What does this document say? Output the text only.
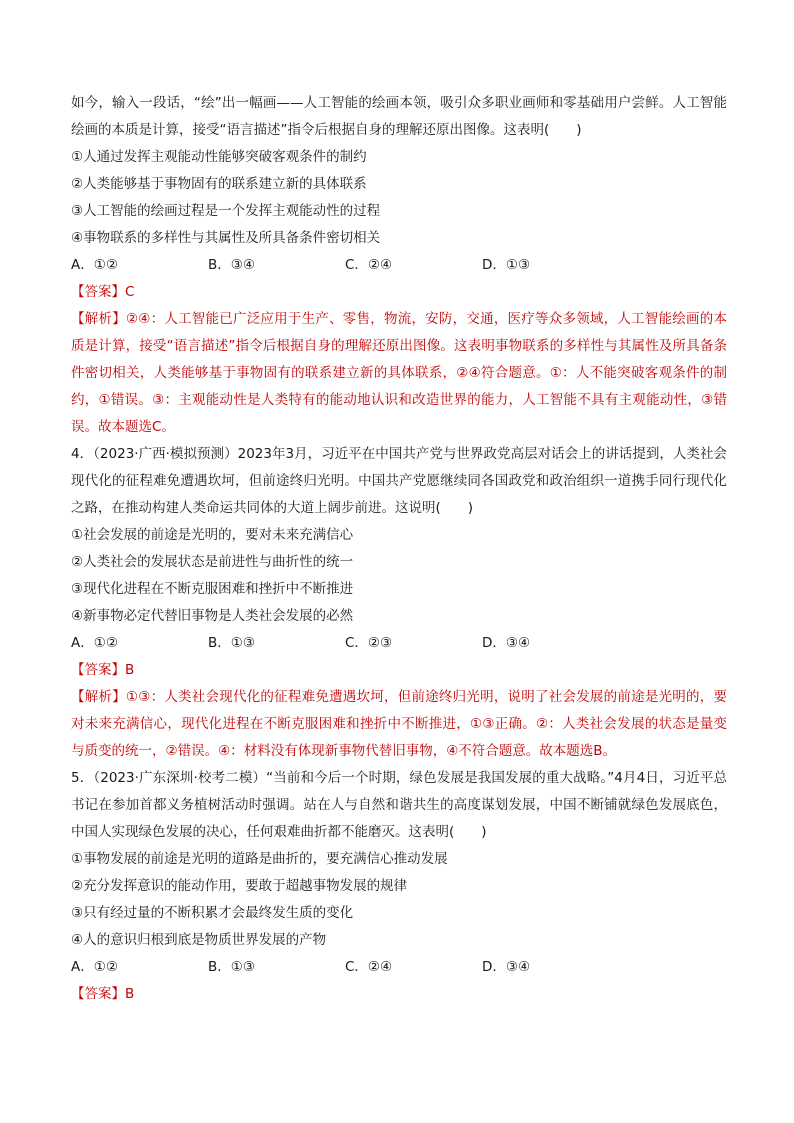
如今，输入一段话，“绘”出一幅画——人工智能的绘画本领，吸引众多职业画师和零基础用户尝鲜。人工智能绘画的本质是计算，接受“语言描述”指令后根据自身的理解还原出图像。这表明(　　)

①人通过发挥主观能动性能够突破客观条件的制约
②人类能够基于事物固有的联系建立新的具体联系
③人工智能的绘画过程是一个发挥主观能动性的过程
④事物联系的多样性与其属性及所具备条件密切相关
A．①②	B．③④	C．②④	D．①③
【答案】C

【解析】②④：人工智能已广泛应用于生产、零售，物流，安防，交通，医疗等众多领域，人工智能绘画的本质是计算，接受“语言描述”指令后根据自身的理解还原出图像。这表明事物联系的多样性与其属性及所具备条件密切相关，人类能够基于事物固有的联系建立新的具体联系，②④符合题意。①：人不能突破客观条件的制约，①错误。③：主观能动性是人类特有的能动地认识和改造世界的能力，人工智能不具有主观能动性，③错误。故本题选C。

4．（2023·广西·模拟预测）2023年3月，习近平在中国共产党与世界政党高层对话会上的讲话提到，人类社会现代化的征程难免遭遇坎坷，但前途终归光明。中国共产党愿继续同各国政党和政治组织一道携手同行现代化之路，在推动构建人类命运共同体的大道上阔步前进。这说明(　　)

①社会发展的前途是光明的，要对未来充满信心
②人类社会的发展状态是前进性与曲折性的统一
③现代化进程在不断克服困难和挫折中不断推进
④新事物必定代替旧事物是人类社会发展的必然
A．①②	B．①③	C．②③	D．③④
【答案】B

【解析】①③：人类社会现代化的征程难免遭遇坎坷，但前途终归光明，说明了社会发展的前途是光明的，要对未来充满信心，现代化进程在不断克服困难和挫折中不断推进，①③正确。②：人类社会发展的状态是量变与质变的统一，②错误。④：材料没有体现新事物代替旧事物，④不符合题意。故本题选B。

5．（2023·广东深圳·校考二模）“当前和今后一个时期，绿色发展是我国发展的重大战略。”4月4日，习近平总书记在参加首都义务植树活动时强调。站在人与自然和谐共生的高度谋划发展，中国不断铺就绿色发展底色，中国人实现绿色发展的决心，任何艰难曲折都不能磨灭。这表明(　　)

①事物发展的前途是光明的道路是曲折的，要充满信心推动发展
②充分发挥意识的能动作用，要敢于超越事物发展的规律
③只有经过量的不断积累才会最终发生质的变化
④人的意识归根到底是物质世界发展的产物
A．①②	B．①③	C．②④	D．③④
【答案】B
